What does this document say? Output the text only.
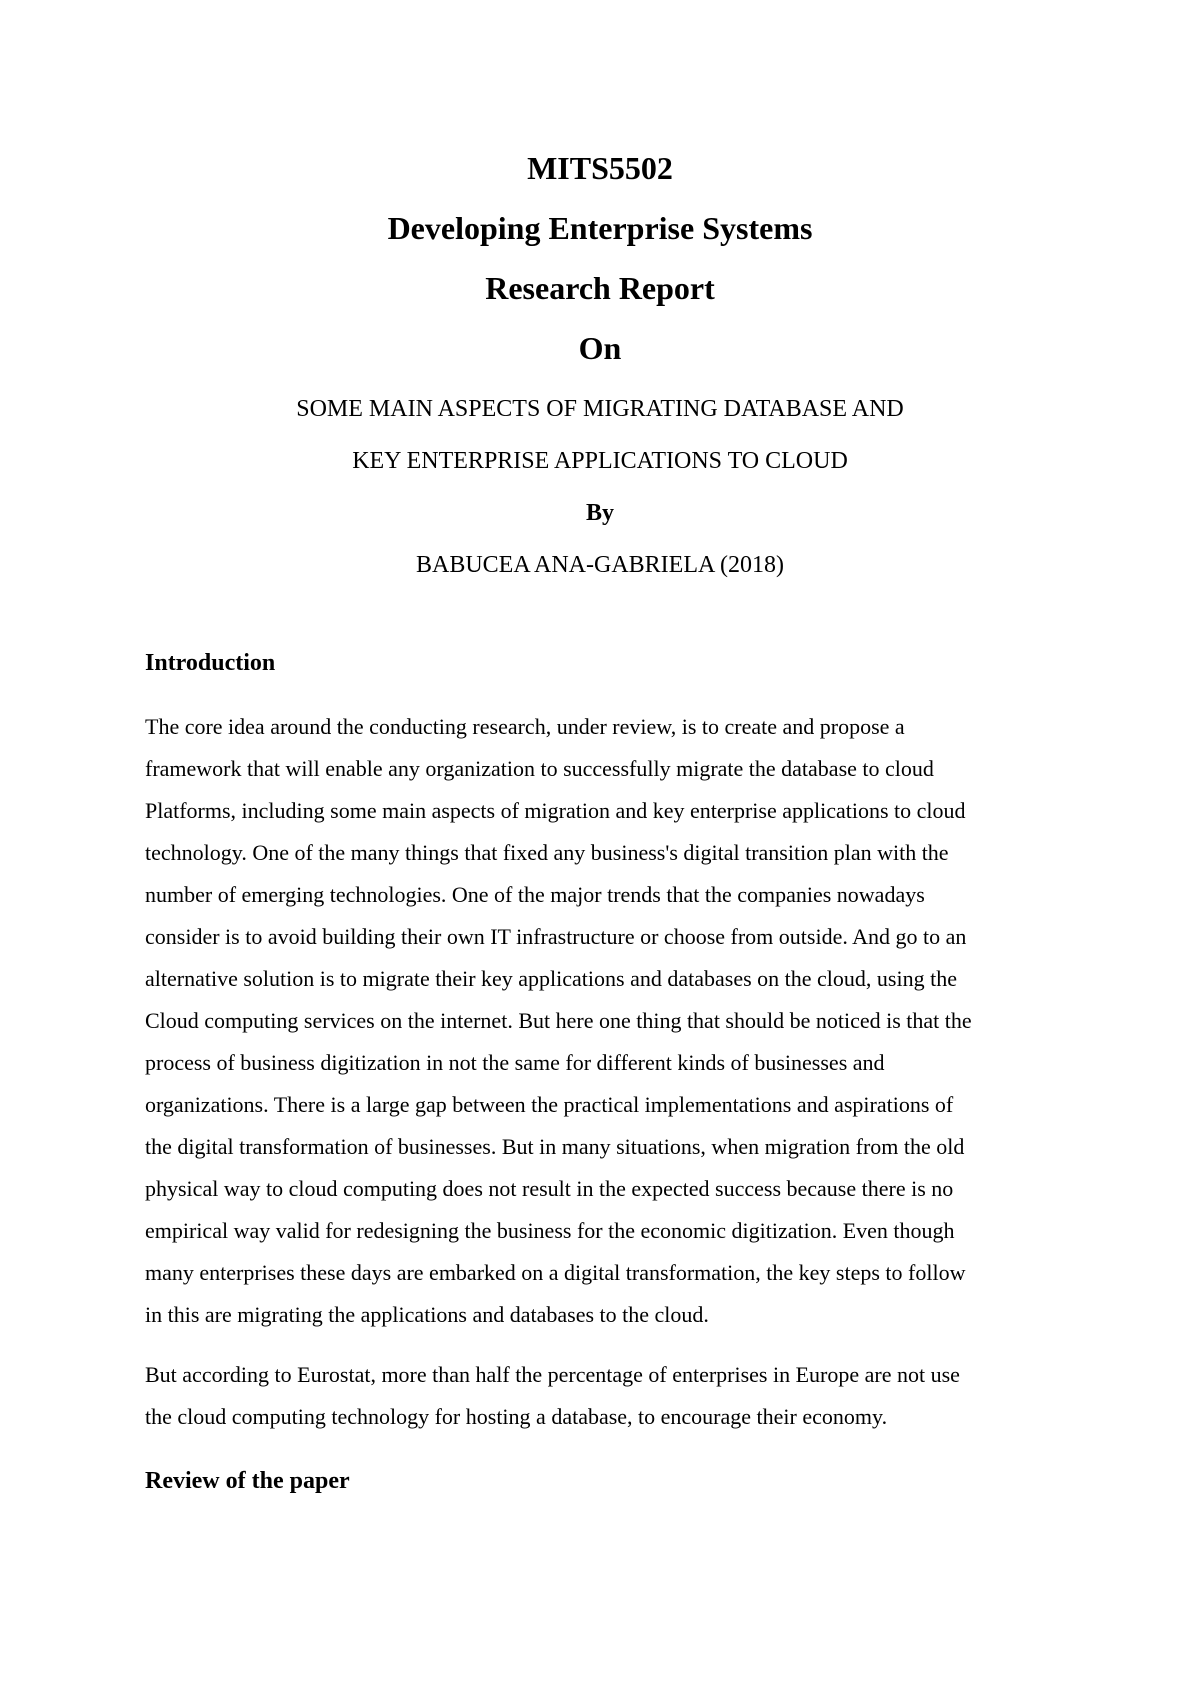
MITS5502
Developing Enterprise Systems
Research Report
On
SOME MAIN ASPECTS OF MIGRATING DATABASE AND
KEY ENTERPRISE APPLICATIONS TO CLOUD
By
BABUCEA ANA-GABRIELA (2018)
Introduction
The core idea around the conducting research, under review, is to create and propose a
framework that will enable any organization to successfully migrate the database to cloud
Platforms, including some main aspects of migration and key enterprise applications to cloud
technology. One of the many things that fixed any business's digital transition plan with the
number of emerging technologies. One of the major trends that the companies nowadays
consider is to avoid building their own IT infrastructure or choose from outside. And go to an
alternative solution is to migrate their key applications and databases on the cloud, using the
Cloud computing services on the internet. But here one thing that should be noticed is that the
process of business digitization in not the same for different kinds of businesses and
organizations. There is a large gap between the practical implementations and aspirations of
the digital transformation of businesses. But in many situations, when migration from the old
physical way to cloud computing does not result in the expected success because there is no
empirical way valid for redesigning the business for the economic digitization. Even though
many enterprises these days are embarked on a digital transformation, the key steps to follow
in this are migrating the applications and databases to the cloud.
But according to Eurostat, more than half the percentage of enterprises in Europe are not use
the cloud computing technology for hosting a database, to encourage their economy.
Review of the paper
